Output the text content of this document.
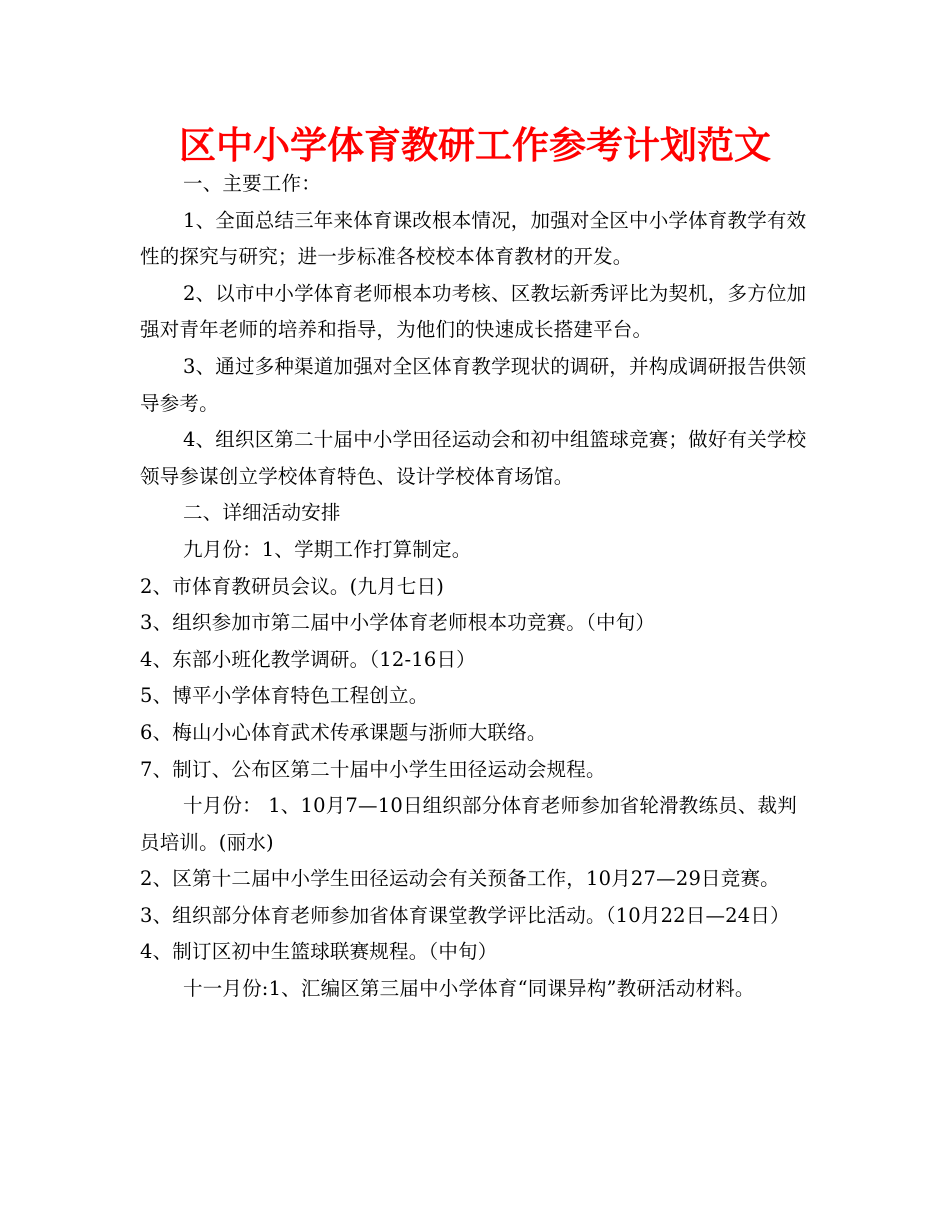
区中小学体育教研工作参考计划范文

一、主要工作：

1、全面总结三年来体育课改根本情况，加强对全区中小学体育教学有效性的探究与研究；进一步标准各校校本体育教材的开发。

2、以市中小学体育老师根本功考核、区教坛新秀评比为契机，多方位加强对青年老师的培养和指导，为他们的快速成长搭建平台。

3、通过多种渠道加强对全区体育教学现状的调研，并构成调研报告供领导参考。

4、组织区第二十届中小学田径运动会和初中组篮球竞赛；做好有关学校领导参谋创立学校体育特色、设计学校体育场馆。

二、详细活动安排

九月份：1、学期工作打算制定。

2、市体育教研员会议。(九月七日)

3、组织参加市第二届中小学体育老师根本功竞赛。（中旬）

4、东部小班化教学调研。（12-16日）

5、博平小学体育特色工程创立。

6、梅山小心体育武术传承课题与浙师大联络。

7、制订、公布区第二十届中小学生田径运动会规程。

十月份： 1、10月7—10日组织部分体育老师参加省轮滑教练员、裁判员培训。(丽水)

2、区第十二届中小学生田径运动会有关预备工作，10月27—29日竞赛。

3、组织部分体育老师参加省体育课堂教学评比活动。（10月22日—24日）

4、制订区初中生篮球联赛规程。（中旬）

十一月份:1、汇编区第三届中小学体育“同课异构”教研活动材料。
